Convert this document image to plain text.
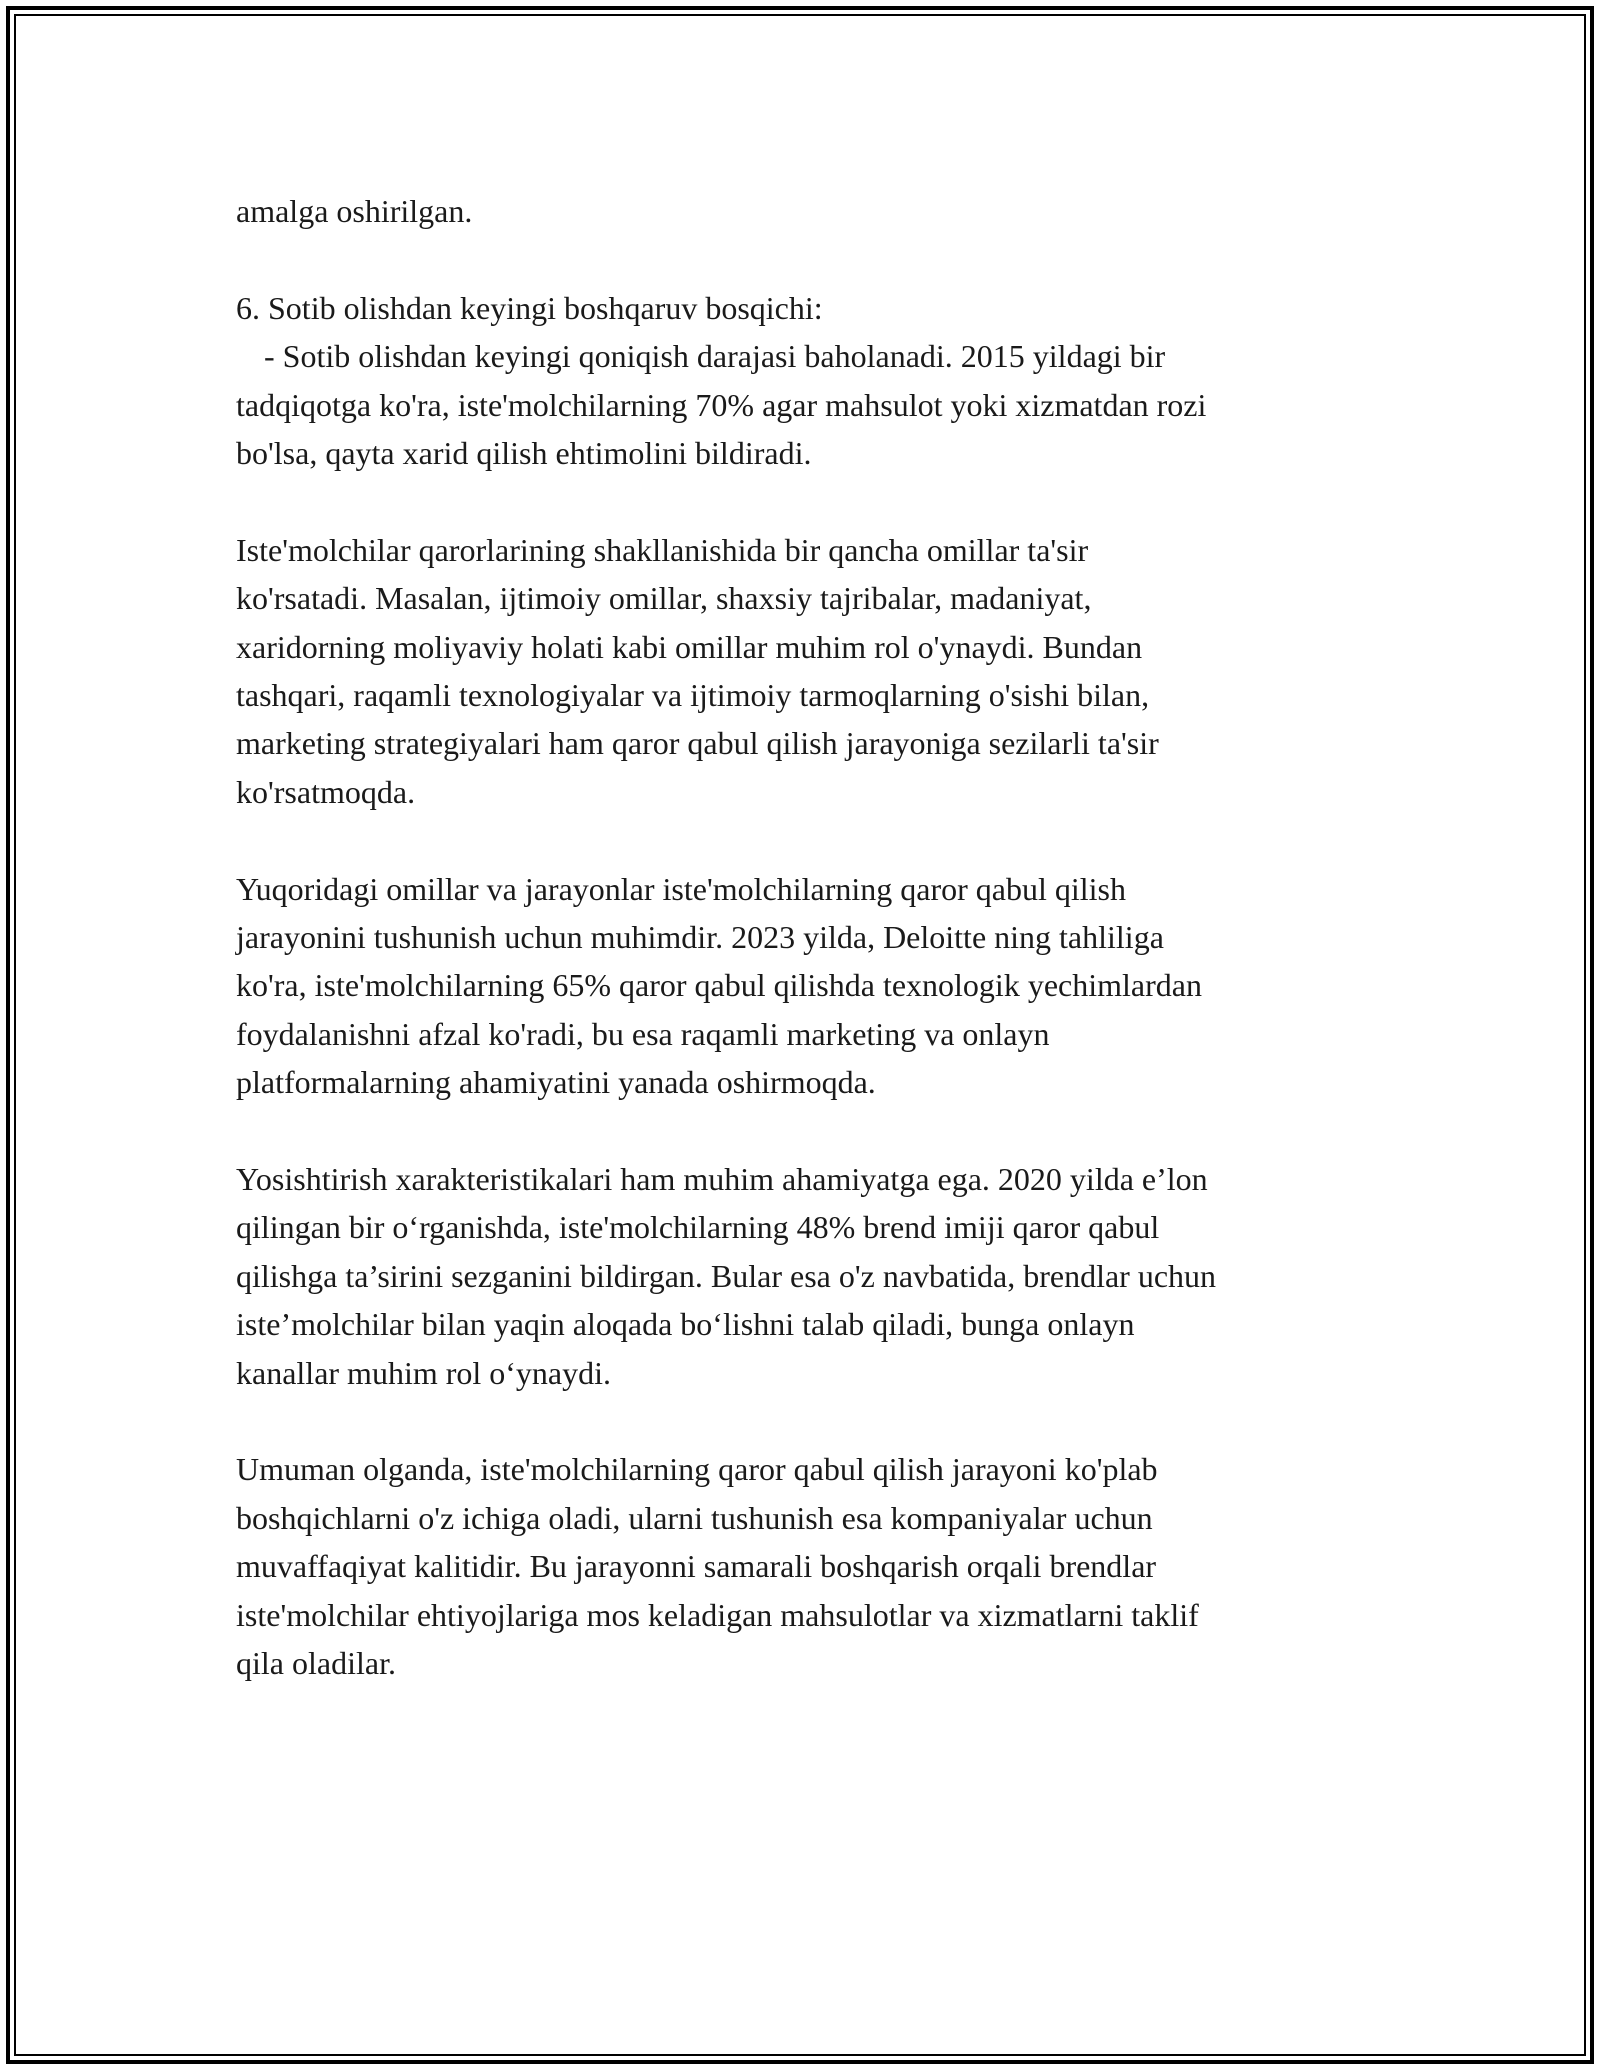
amalga oshirilgan.

6. Sotib olishdan keyingi boshqaruv bosqichi:
- Sotib olishdan keyingi qoniqish darajasi baholanadi. 2015 yildagi bir
tadqiqotga ko'ra, iste'molchilarning 70% agar mahsulot yoki xizmatdan rozi
bo'lsa, qayta xarid qilish ehtimolini bildiradi.

Iste'molchilar qarorlarining shakllanishida bir qancha omillar ta'sir
ko'rsatadi. Masalan, ijtimoiy omillar, shaxsiy tajribalar, madaniyat,
xaridorning moliyaviy holati kabi omillar muhim rol o'ynaydi. Bundan
tashqari, raqamli texnologiyalar va ijtimoiy tarmoqlarning o'sishi bilan,
marketing strategiyalari ham qaror qabul qilish jarayoniga sezilarli ta'sir
ko'rsatmoqda.

Yuqoridagi omillar va jarayonlar iste'molchilarning qaror qabul qilish
jarayonini tushunish uchun muhimdir. 2023 yilda, Deloitte ning tahliliga
ko'ra, iste'molchilarning 65% qaror qabul qilishda texnologik yechimlardan
foydalanishni afzal ko'radi, bu esa raqamli marketing va onlayn
platformalarning ahamiyatini yanada oshirmoqda.

Yosishtirish xarakteristikalari ham muhim ahamiyatga ega. 2020 yilda e’lon
qilingan bir o‘rganishda, iste'molchilarning 48% brend imiji qaror qabul
qilishga ta’sirini sezganini bildirgan. Bular esa o'z navbatida, brendlar uchun
iste’molchilar bilan yaqin aloqada bo‘lishni talab qiladi, bunga onlayn
kanallar muhim rol o‘ynaydi.

Umuman olganda, iste'molchilarning qaror qabul qilish jarayoni ko'plab
boshqichlarni o'z ichiga oladi, ularni tushunish esa kompaniyalar uchun
muvaffaqiyat kalitidir. Bu jarayonni samarali boshqarish orqali brendlar
iste'molchilar ehtiyojlariga mos keladigan mahsulotlar va xizmatlarni taklif
qila oladilar.
